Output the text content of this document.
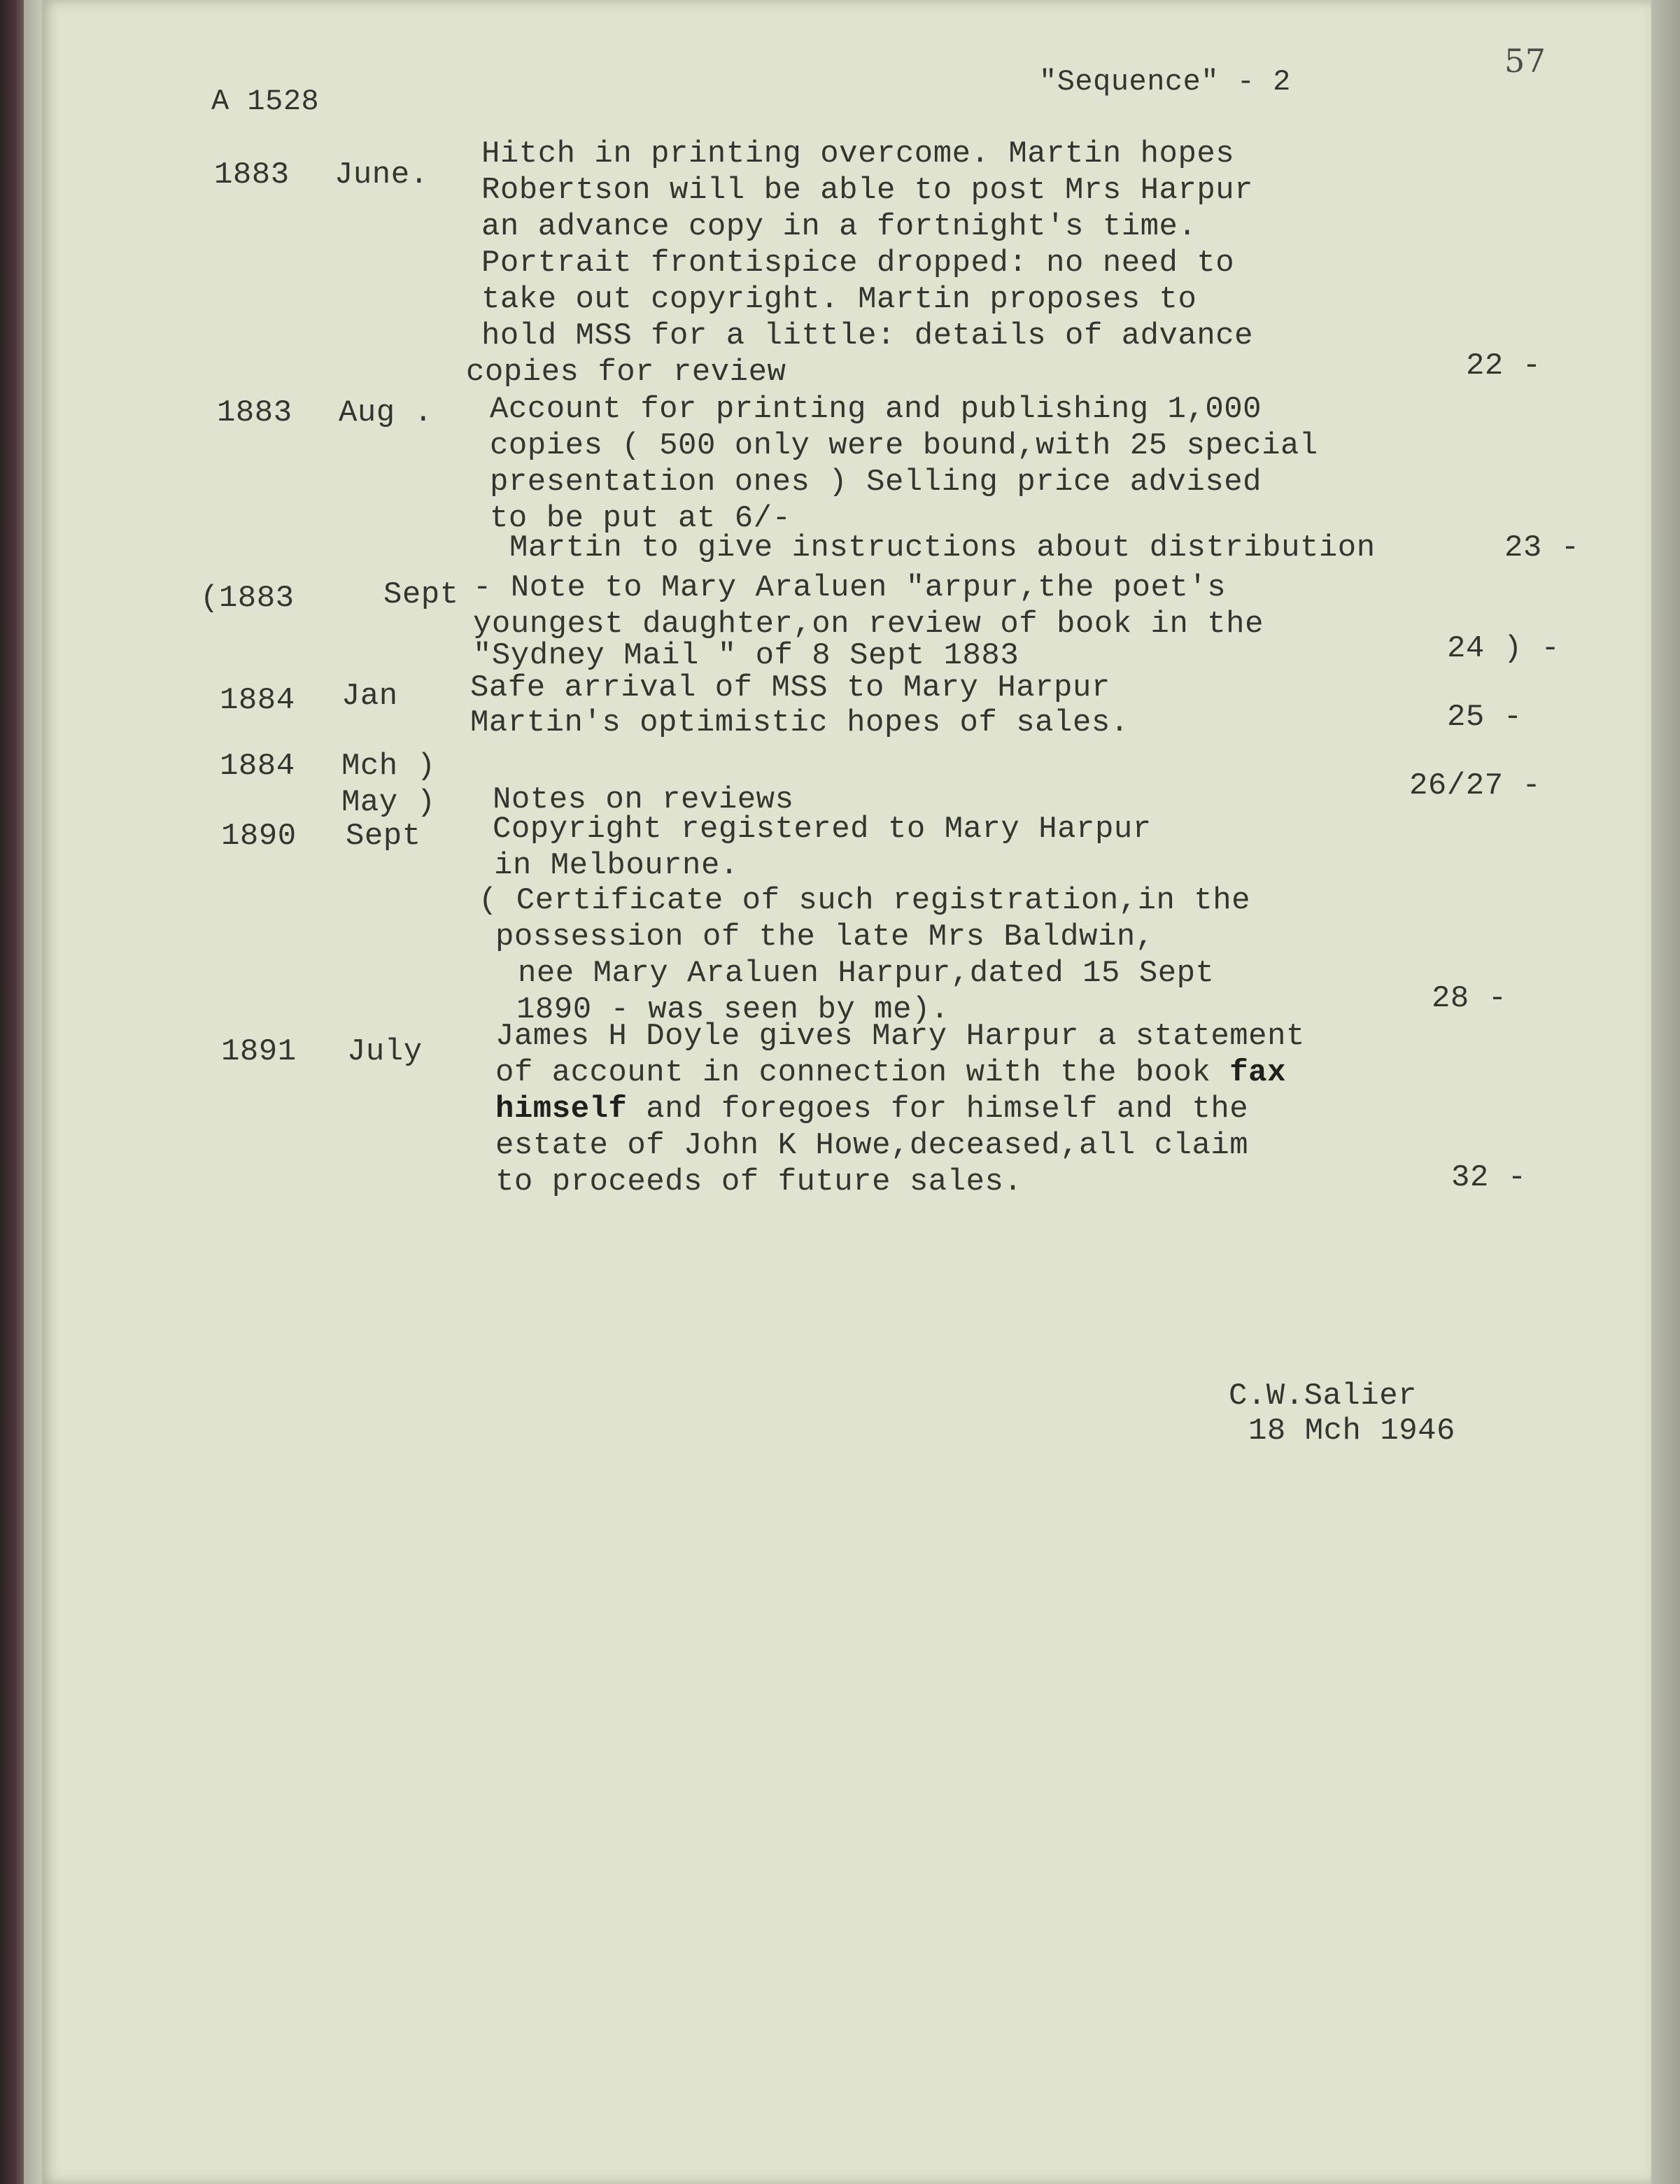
A 1528
"Sequence" - 2
57
1883 June.
Hitch in printing overcome. Martin hopes
Robertson will be able to post Mrs Harpur
an advance copy in a fortnight's time.
Portrait frontispice dropped: no need to
take out copyright. Martin proposes to
hold MSS for a little: details of advance
copies for review	22 -
1883 Aug . Account for printing and publishing 1,000
copies ( 500 only were bound,with 25 special
presentation ones ) Selling price advised
to be put at 6/-
Martin to give instructions about distribution	23 -
(1883	Sept - Note to Mary Araluen "arpur,the poet's
youngest daughter,on review of book in the
"Sydney Mail " of 8 Sept 1883	24 ) -
1884 Jan Safe arrival of MSS to Mary Harpur
Martin's optimistic hopes of sales.	25 -
1884 Mch )
May ) Notes on reviews	26/27 -
1890 Sept Copyright registered to Mary Harpur
in Melbourne.
( Certificate of such registration,in the
possession of the late Mrs Baldwin,
nee Mary Araluen Harpur,dated 15 Sept
1890 - was seen by me).	28 -
1891 July James H Doyle gives Mary Harpur a statement
of account in connection with the book fax
himself and foregoes for himself and the
estate of John K Howe,deceased,all claim
to proceeds of future sales.	32 -
C.W.Salier
18 Mch 1946
